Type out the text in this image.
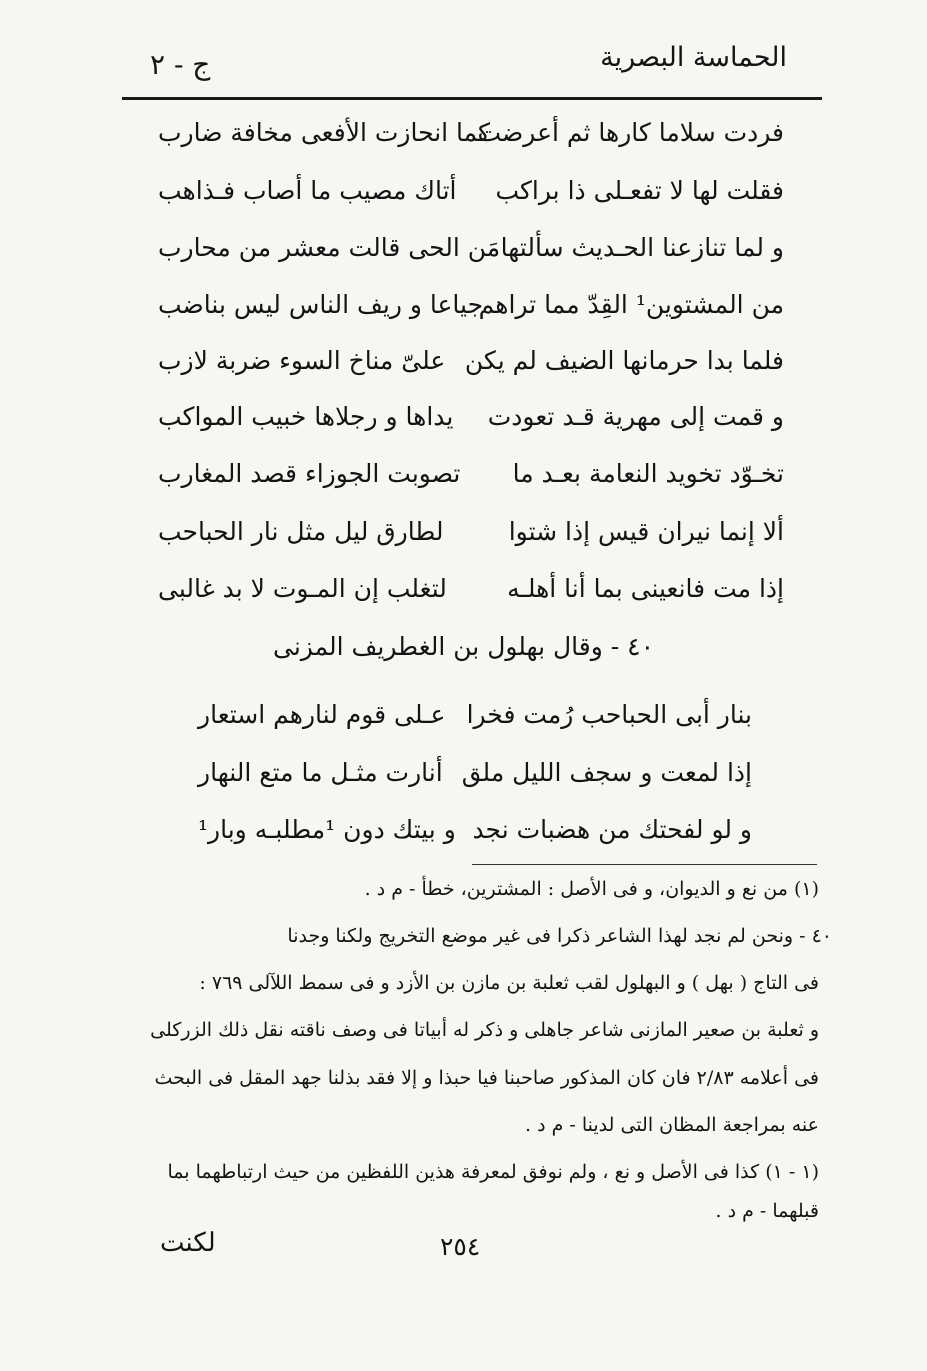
الحماسة البصرية
ج - ٢
فردت سلاما كارها ثم أعرضت
كما انحازت الأفعى مخافة ضارب
فقلت لها لا تفعـلى ذا براكب
أتاك مصيب ما أصاب فـذاهب
و لما تنازعنا الحـديث سألتها
مَن الحى قالت معشر من محارب
من المشتوين¹ القِدّ مما تراهم
جياعا و ريف الناس ليس بناضب
فلما بدا حرمانها الضيف لم يكن
علىّ مناخ السوء ضربة لازب
و قمت إلى مهرية قـد تعودت
يداها و رجلاها خبيب المواكب
تخـوّد تخويد النعامة بعـد ما
تصوبت الجوزاء قصد المغارب
ألا إنما نيران قيس إذا شتوا
لطارق ليل مثل نار الحباحب
إذا مت فانعينى بما أنا أهلـه
لتغلب إن المـوت لا بد غالبى
٤٠ - وقال بهلول بن الغطريف المزنى
بنار أبى الحباحب رُمت فخرا
عـلى قوم لنارهم استعار
إذا لمعت و سجف الليل ملق
أنارت مثـل ما متع النهار
و لو لفحتك من هضبات نجد
و بيتك دون ¹مطلبـه وبار¹
(١) من نع و الديوان، و فى الأصل : المشترين، خطأ - م د .
٤٠ - ونحن لم نجد لهذا الشاعر ذكرا فى غير موضع التخريج ولكنا وجدنا
فى التاج ( بهل ) و البهلول لقب ثعلبة بن مازن بن الأزد و فى سمط اللآلى ٧٦٩ :
و ثعلبة بن صعير المازنى شاعر جاهلى و ذكر له أبياتا فى وصف ناقته نقل ذلك الزركلى
فى أعلامه ٢/٨٣ فان كان المذكور صاحبنا فيا حبذا و إلا فقد بذلنا جهد المقل فى البحث
عنه بمراجعة المظان التى لدينا - م د .
(١ - ١) كذا فى الأصل و نع ، ولم نوفق لمعرفة هذين اللفظين من حيث ارتباطهما بما
قبلهما - م د .
٢٥٤
لكنت
